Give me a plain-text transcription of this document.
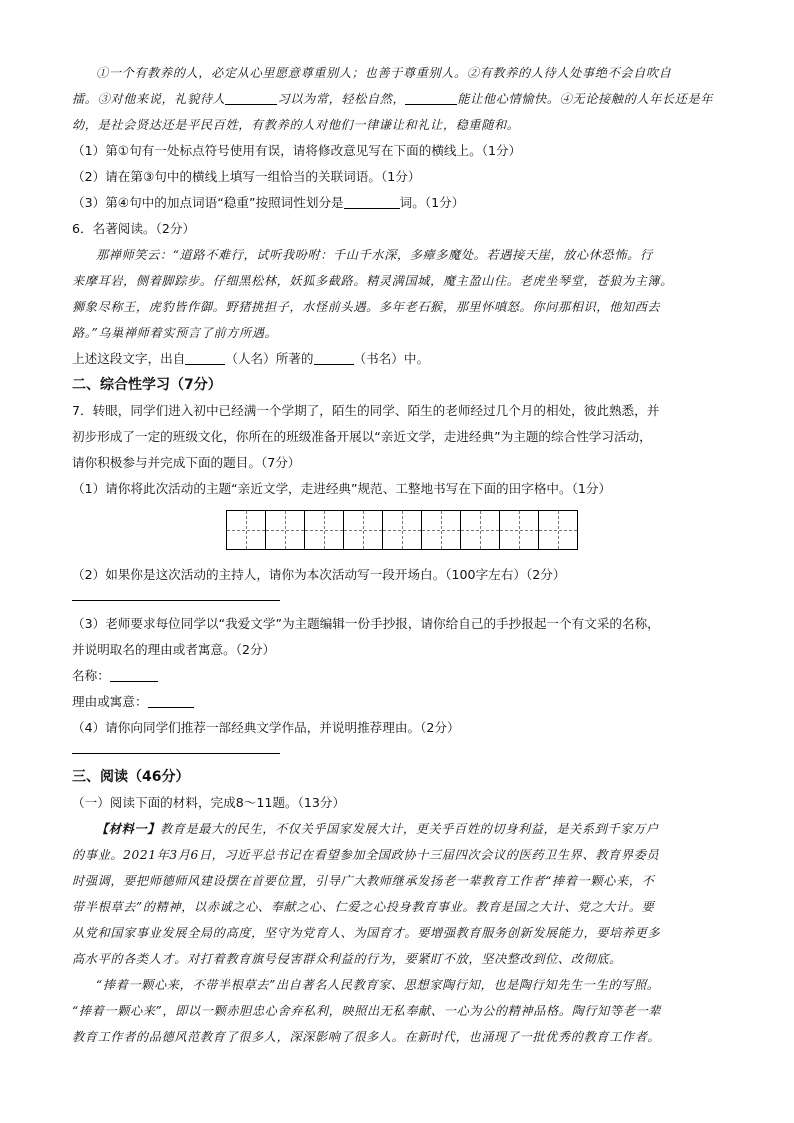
①一个有教养的人，必定从心里愿意尊重别人；也善于尊重别人。②有教养的人待人处事绝不会自吹自
擂。③对他来说，礼貌待人	习以为常，轻松自然，	能让他心情愉快。④无论接触的人年长还是年
幼，是社会贤达还是平民百姓，有教养的人对他们一律谦让和礼让，稳重随和。
（1）第①句有一处标点符号使用有误，请将修改意见写在下面的横线上。（1分）
（2）请在第③句中的横线上填写一组恰当的关联词语。（1分）
（3）第④句中的加点词语“稳重”按照词性划分是	词。（1分）
6．名著阅读。（2分）
那禅师笑云：“道路不难行，试听我吩咐：千山千水深，多瘴多魔处。若遇接天崖，放心休恐怖。行
来摩耳岩，侧着脚踪步。仔细黑松林，妖狐多截路。精灵满国城，魔主盈山住。老虎坐琴堂，苍狼为主簿。
狮象尽称王，虎豹皆作御。野猪挑担子，水怪前头遇。多年老石猴，那里怀嗔怒。你问那相识，他知西去
路。”乌巢禅师着实预言了前方所遇。
上述这段文字，出自	（人名）所著的	（书名）中。
二、综合性学习（7分）
7．转眼，同学们进入初中已经满一个学期了，陌生的同学、陌生的老师经过几个月的相处，彼此熟悉，并
初步形成了一定的班级文化，你所在的班级准备开展以“亲近文学，走进经典”为主题的综合性学习活动，
请你积极参与并完成下面的题目。（7分）
（1）请你将此次活动的主题“亲近文学，走进经典”规范、工整地书写在下面的田字格中。（1分）
（2）如果你是这次活动的主持人，请你为本次活动写一段开场白。（100字左右）（2分）
（3）老师要求每位同学以“我爱文学”为主题编辑一份手抄报，请你给自己的手抄报起一个有文采的名称，
并说明取名的理由或者寓意。（2分）
名称：
理由或寓意：
（4）请你向同学们推荐一部经典文学作品，并说明推荐理由。（2分）
三、阅读（46分）
（一）阅读下面的材料，完成8～11题。（13分）
【材料一】教育是最大的民生，不仅关乎国家发展大计，更关乎百姓的切身利益，是关系到千家万户
的事业。2021年3月6日，习近平总书记在看望参加全国政协十三届四次会议的医药卫生界、教育界委员
时强调，要把师德师风建设摆在首要位置，引导广大教师继承发扬老一辈教育工作者“捧着一颗心来，不
带半根草去”的精神，以赤诚之心、奉献之心、仁爱之心投身教育事业。教育是国之大计、党之大计。要
从党和国家事业发展全局的高度，坚守为党育人、为国育才。要增强教育服务创新发展能力，要培养更多
高水平的各类人才。对打着教育旗号侵害群众利益的行为，要紧盯不放，坚决整改到位、改彻底。
“捧着一颗心来，不带半根草去”出自著名人民教育家、思想家陶行知，也是陶行知先生一生的写照。
“捧着一颗心来”，即以一颗赤胆忠心舍弃私利，映照出无私奉献、一心为公的精神品格。陶行知等老一辈
教育工作者的品德风范教育了很多人，深深影响了很多人。在新时代，也涌现了一批优秀的教育工作者。
